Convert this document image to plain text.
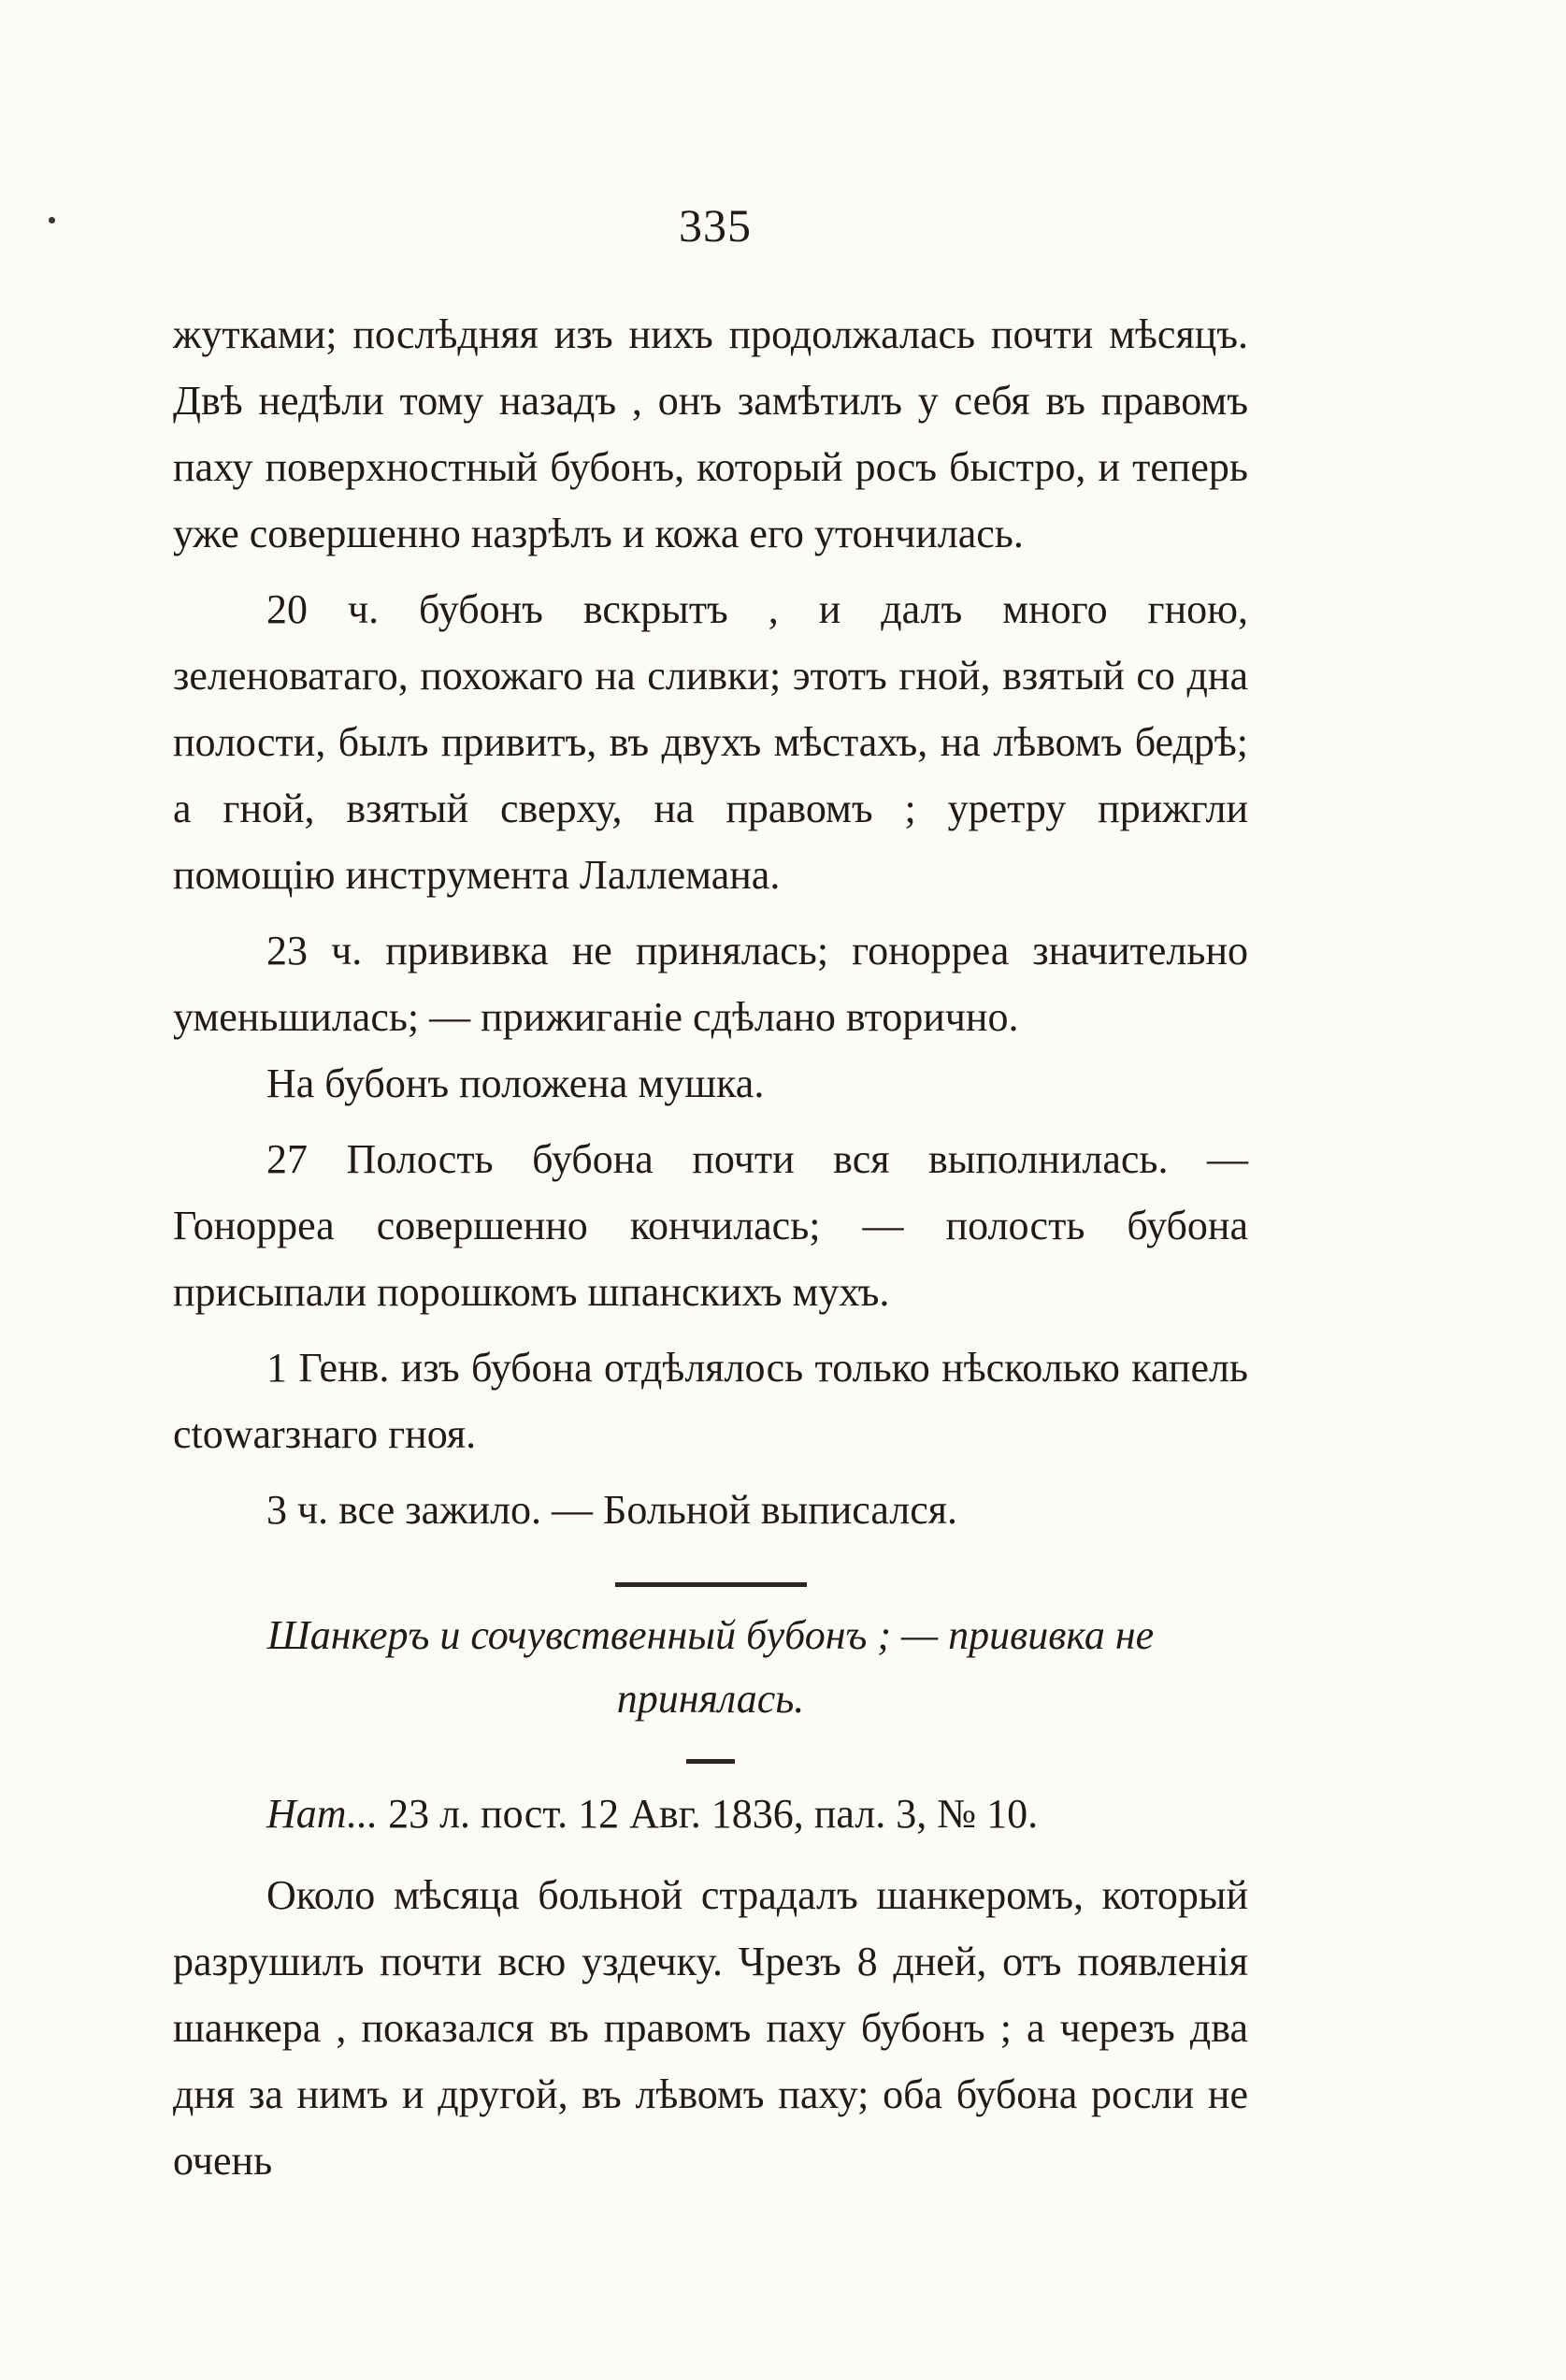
335

жутками; послѣдняя изъ нихъ продолжалась почти мѣсяцъ. Двѣ недѣли тому назадъ , онъ замѣтилъ у себя въ правомъ паху поверхностный бубонъ, который росъ быстро, и теперь уже совершенно назрѣлъ и кожа его утончилась.

20 ч. бубонъ вскрытъ , и далъ много гною, зеленоватаго, похожаго на сливки; этотъ гной, взятый со дна полости, былъ привитъ, въ двухъ мѣстахъ, на лѣвомъ бедрѣ; а гной, взятый сверху, на правомъ ; уретру прижгли помощію инструмента Лаллемана.

23 ч. прививка не принялась; гонорреа значительно уменьшилась; — прижиганіе сдѣлано вторично.

На бубонъ положена мушка.

27 Полость бубона почти вся выполнилась. — Гонорреа совершенно кончилась; — полость бубона присыпали порошкомъ шпанскихъ мухъ.

1 Генв. изъ бубона отдѣлялось только нѣсколько капель сtowarзнаго гноя.

3 ч. все зажило. — Больной выписался.

Шанкеръ и сочувственный бубонъ ; — прививка не

принялась.

Нат... 23 л. пост. 12 Авг. 1836, пал. 3, № 10.

Около мѣсяца больной страдалъ шанкеромъ, который разрушилъ почти всю уздечку. Чрезъ 8 дней, отъ появленія шанкера , показался въ правомъ паху бубонъ ; а черезъ два дня за нимъ и другой, въ лѣвомъ паху; оба бубона росли не очень
